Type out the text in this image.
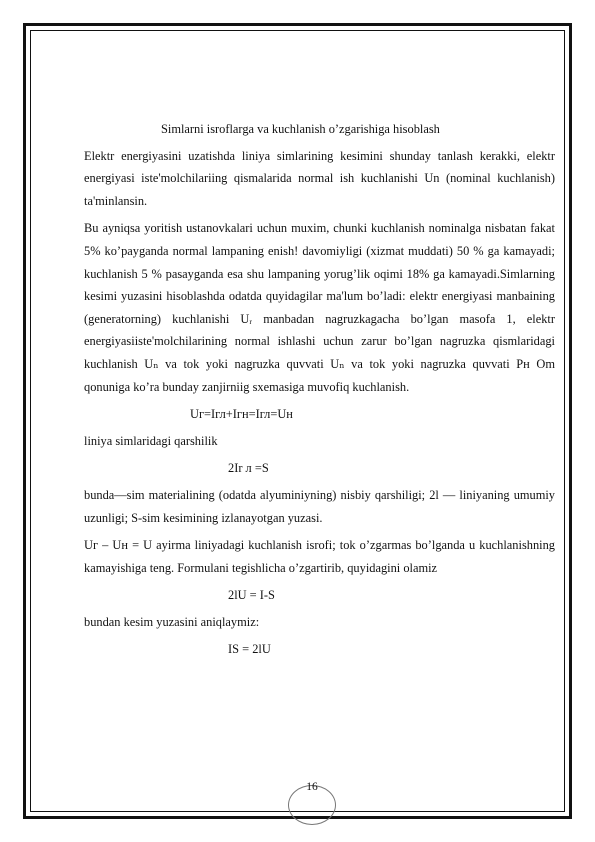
Simlarni isroflarga va kuchlanish o’zgarishiga hisoblash

Elektr energiyasini uzatishda liniya simlarining kesimini shunday tanlash kerakki, elektr energiyasi iste'molchilariing qismalarida normal ish kuchlanishi Un (nominal kuchlanish) ta'minlansin.

Bu ayniqsa yoritish ustanovkalari uchun muxim, chunki kuchlanish nominalga nisbatan fakat 5% ko’payganda normal lampaning enish! davomiyligi (xizmat muddati) 50 % ga kamayadi; kuchlanish 5 % pasayganda esa shu lampaning yorug’lik oqimi 18% ga kamayadi.Simlarning kesimi yuzasini hisoblashda odatda quyidagilar ma'lum bo’ladi: elektr energiyasi manbaining (generatorning) kuchlanishi Uᵣ manbadan nagruzkagacha bo’lgan masofa 1, elektr energiyasiiste'molchilarining normal ishlashi uchun zarur bo’lgan nagruzka qismlaridagi kuchlanish Uₙ va tok yoki nagruzka quvvati Uₙ va tok yoki nagruzka quvvati Pн Om qonuniga ko’ra bunday zanjirniig sxemasiga muvofiq kuchlanish.

Uг=Iгл+Iгн=Iгл=Uн

liniya simlaridagi qarshilik

2Ir л =S

bunda—sim materialining (odatda alyuminiyning) nisbiy qarshiligi; 2l — liniyaning umumiy uzunligi; S-sim kesimining izlanayotgan yuzasi.

Uг – Uн = U ayirma liniyadagi kuchlanish isrofi; tok o’zgarmas bo’lganda u kuchlanishning kamayishiga teng. Formulani tegishlicha o’zgartirib, quyidagini olamiz

2lU = I-S

bundan kesim yuzasini aniqlaymiz:

IS = 2lU

16
